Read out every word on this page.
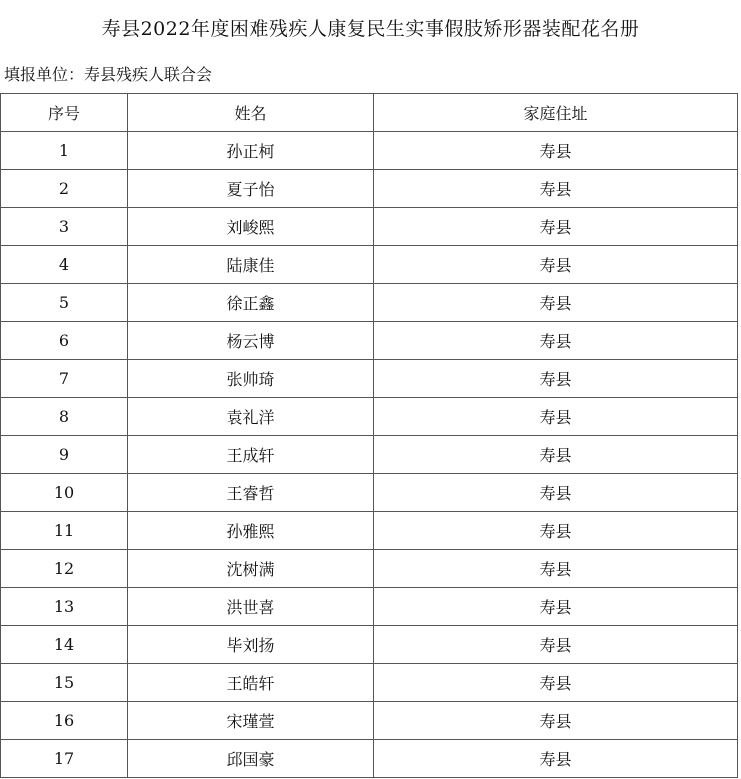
寿县2022年度困难残疾人康复民生实事假肢矫形器装配花名册
填报单位：寿县残疾人联合会
序号	姓名	家庭住址
1	孙正柯	寿县
2	夏子怡	寿县
3	刘峻熙	寿县
4	陆康佳	寿县
5	徐正鑫	寿县
6	杨云博	寿县
7	张帅琦	寿县
8	袁礼洋	寿县
9	王成轩	寿县
10	王睿哲	寿县
11	孙雅熙	寿县
12	沈树满	寿县
13	洪世喜	寿县
14	毕刘扬	寿县
15	王皓轩	寿县
16	宋瑾萱	寿县
17	邱国豪	寿县
